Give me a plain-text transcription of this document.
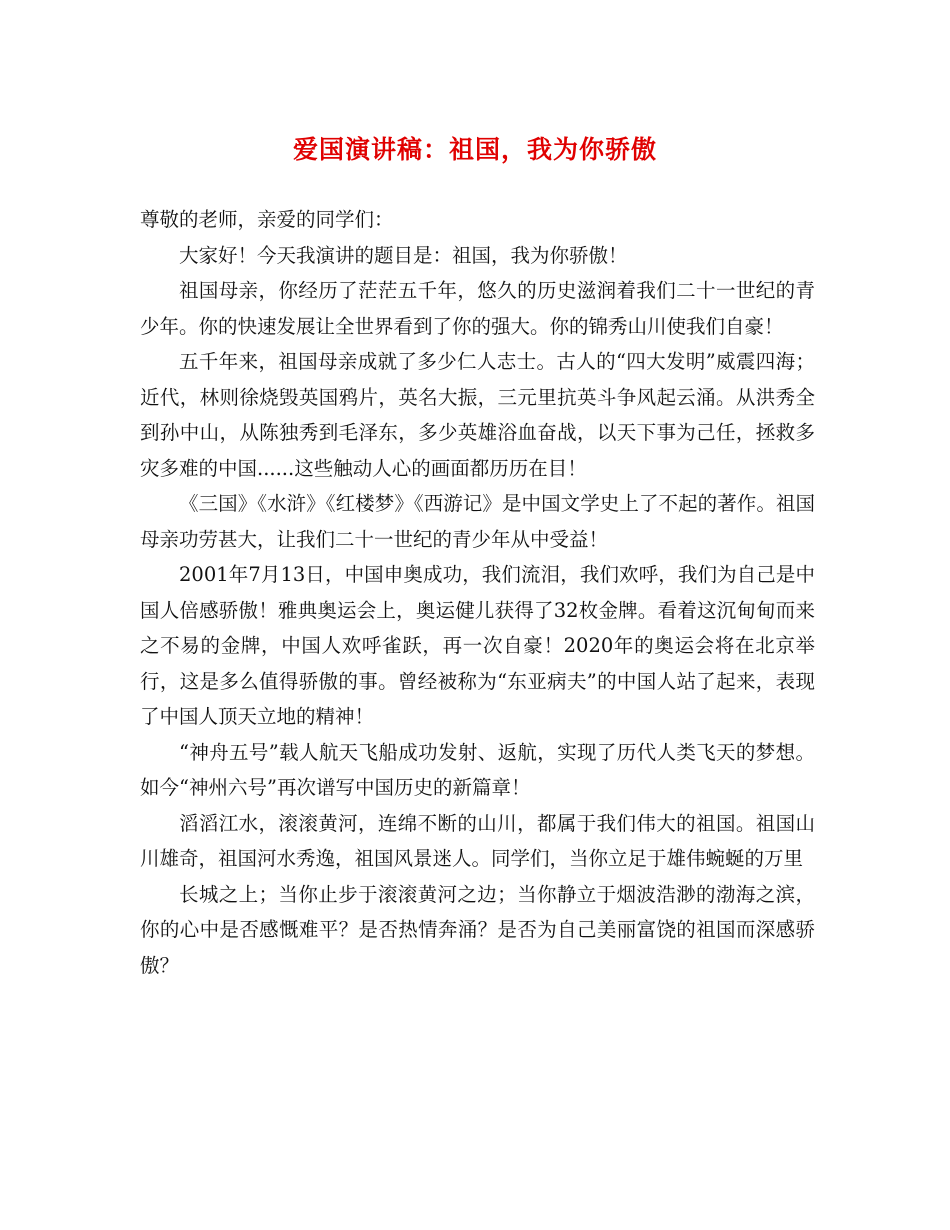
爱国演讲稿：祖国，我为你骄傲

尊敬的老师，亲爱的同学们：

大家好！今天我演讲的题目是：祖国，我为你骄傲！

祖国母亲，你经历了茫茫五千年，悠久的历史滋润着我们二十一世纪的青少年。你的快速发展让全世界看到了你的强大。你的锦秀山川使我们自豪！

五千年来，祖国母亲成就了多少仁人志士。古人的“四大发明”威震四海；近代，林则徐烧毁英国鸦片，英名大振，三元里抗英斗争风起云涌。从洪秀全到孙中山，从陈独秀到毛泽东，多少英雄浴血奋战，以天下事为己任，拯救多灾多难的中国......这些触动人心的画面都历历在目！

《三国》《水浒》《红楼梦》《西游记》是中国文学史上了不起的著作。祖国母亲功劳甚大，让我们二十一世纪的青少年从中受益！

2001年7月13日，中国申奥成功，我们流泪，我们欢呼，我们为自己是中国人倍感骄傲！雅典奥运会上，奥运健儿获得了32枚金牌。看着这沉甸甸而来之不易的金牌，中国人欢呼雀跃，再一次自豪！2020年的奥运会将在北京举行，这是多么值得骄傲的事。曾经被称为“东亚病夫”的中国人站了起来，表现了中国人顶天立地的精神！

“神舟五号”载人航天飞船成功发射、返航，实现了历代人类飞天的梦想。如今“神州六号”再次谱写中国历史的新篇章！

滔滔江水，滚滚黄河，连绵不断的山川，都属于我们伟大的祖国。祖国山川雄奇，祖国河水秀逸，祖国风景迷人。同学们，当你立足于雄伟蜿蜒的万里

长城之上；当你止步于滚滚黄河之边；当你静立于烟波浩渺的渤海之滨，你的心中是否感慨难平？是否热情奔涌？是否为自己美丽富饶的祖国而深感骄傲？
